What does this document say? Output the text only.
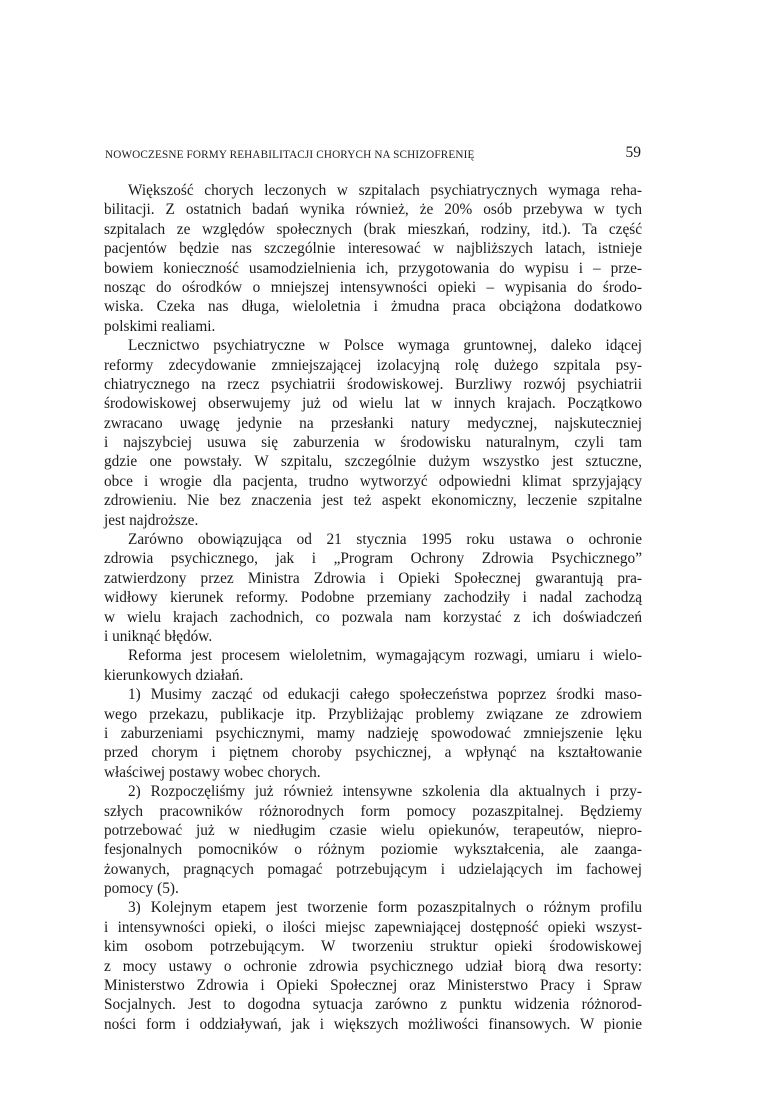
NOWOCZESNE FORMY REHABILITACJI CHORYCH NA SCHIZOFRENIĘ	59
Większość chorych leczonych w szpitalach psychiatrycznych wymaga reha-
bilitacji. Z ostatnich badań wynika również, że 20% osób przebywa w tych
szpitalach ze względów społecznych (brak mieszkań, rodziny, itd.). Ta część
pacjentów będzie nas szczególnie interesować w najbliższych latach, istnieje
bowiem konieczność usamodzielnienia ich, przygotowania do wypisu i – prze-
nosząc do ośrodków o mniejszej intensywności opieki – wypisania do środo-
wiska. Czeka nas długa, wieloletnia i żmudna praca obciążona dodatkowo
polskimi realiami.
Lecznictwo psychiatryczne w Polsce wymaga gruntownej, daleko idącej
reformy zdecydowanie zmniejszającej izolacyjną rolę dużego szpitala psy-
chiatrycznego na rzecz psychiatrii środowiskowej. Burzliwy rozwój psychiatrii
środowiskowej obserwujemy już od wielu lat w innych krajach. Początkowo
zwracano uwagę jedynie na przesłanki natury medycznej, najskuteczniej
i najszybciej usuwa się zaburzenia w środowisku naturalnym, czyli tam
gdzie one powstały. W szpitalu, szczególnie dużym wszystko jest sztuczne,
obce i wrogie dla pacjenta, trudno wytworzyć odpowiedni klimat sprzyjający
zdrowieniu. Nie bez znaczenia jest też aspekt ekonomiczny, leczenie szpitalne
jest najdroższe.
Zarówno obowiązująca od 21 stycznia 1995 roku ustawa o ochronie
zdrowia psychicznego, jak i „Program Ochrony Zdrowia Psychicznego”
zatwierdzony przez Ministra Zdrowia i Opieki Społecznej gwarantują pra-
widłowy kierunek reformy. Podobne przemiany zachodziły i nadal zachodzą
w wielu krajach zachodnich, co pozwala nam korzystać z ich doświadczeń
i uniknąć błędów.
Reforma jest procesem wieloletnim, wymagającym rozwagi, umiaru i wielo-
kierunkowych działań.
1) Musimy zacząć od edukacji całego społeczeństwa poprzez środki maso-
wego przekazu, publikacje itp. Przybliżając problemy związane ze zdrowiem
i zaburzeniami psychicznymi, mamy nadzieję spowodować zmniejszenie lęku
przed chorym i piętnem choroby psychicznej, a wpłynąć na kształtowanie
właściwej postawy wobec chorych.
2) Rozpoczęliśmy już również intensywne szkolenia dla aktualnych i przy-
szłych pracowników różnorodnych form pomocy pozaszpitalnej. Będziemy
potrzebować już w niedługim czasie wielu opiekunów, terapeutów, niepro-
fesjonalnych pomocników o różnym poziomie wykształcenia, ale zaanga-
żowanych, pragnących pomagać potrzebującym i udzielających im fachowej
pomocy (5).
3) Kolejnym etapem jest tworzenie form pozaszpitalnych o różnym profilu
i intensywności opieki, o ilości miejsc zapewniającej dostępność opieki wszyst-
kim osobom potrzebującym. W tworzeniu struktur opieki środowiskowej
z mocy ustawy o ochronie zdrowia psychicznego udział biorą dwa resorty:
Ministerstwo Zdrowia i Opieki Społecznej oraz Ministerstwo Pracy i Spraw
Socjalnych. Jest to dogodna sytuacja zarówno z punktu widzenia różnorod-
ności form i oddziaływań, jak i większych możliwości finansowych. W pionie
